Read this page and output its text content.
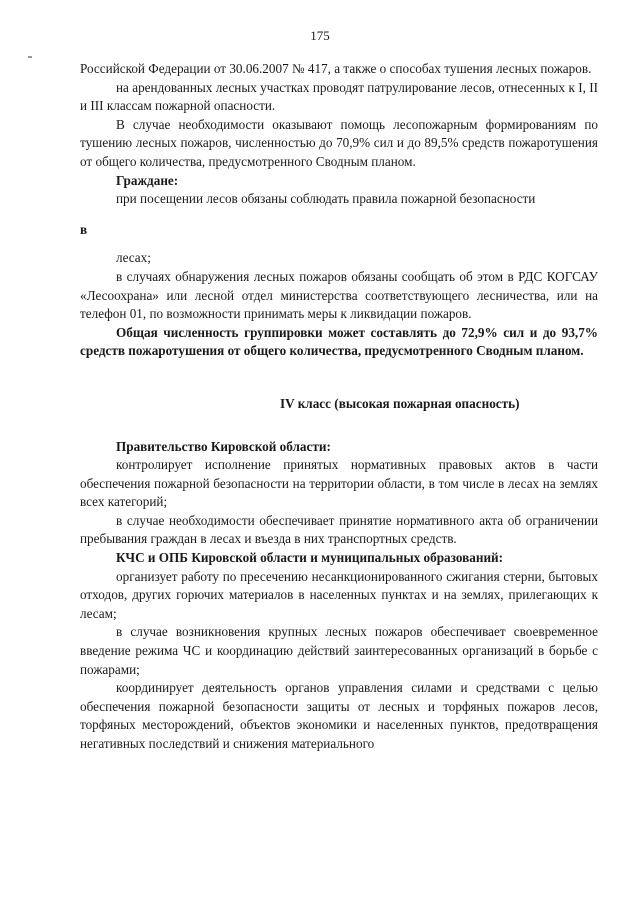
175

Российской Федерации от 30.06.2007 № 417, а также о способах тушения лесных пожаров.

на арендованных лесных участках проводят патрулирование лесов, отнесенных к I, II и III классам пожарной опасности.

В случае необходимости оказывают помощь лесопожарным формированиям по тушению лесных пожаров, численностью до 70,9% сил и до 89,5% средств пожаротушения от общего количества, предусмотренного Сводным планом.

Граждане:

при посещении лесов обязаны соблюдать правила пожарной безопасности

в

лесах;

в случаях обнаружения лесных пожаров обязаны сообщать об этом в РДС КОГСАУ «Лесоохрана» или лесной отдел министерства соответствующего лесничества, или на телефон 01, по возможности принимать меры к ликвидации пожаров.

Общая численность группировки может составлять до 72,9% сил и до 93,7% средств пожаротушения от общего количества, предусмотренного Сводным планом.

IV класс (высокая пожарная опасность)

Правительство Кировской области:

контролирует исполнение принятых нормативных правовых актов в части обеспечения пожарной безопасности на территории области, в том числе в лесах на землях всех категорий;

в случае необходимости обеспечивает принятие нормативного акта об ограничении пребывания граждан в лесах и въезда в них транспортных средств.

КЧС и ОПБ Кировской области и муниципальных образований:

организует работу по пресечению несанкционированного сжигания стерни, бытовых отходов, других горючих материалов в населенных пунктах и на землях, прилегающих к лесам;

в случае возникновения крупных лесных пожаров обеспечивает своевременное введение режима ЧС и координацию действий заинтересованных организаций в борьбе с пожарами;

координирует деятельность органов управления силами и средствами с целью обеспечения пожарной безопасности защиты от лесных и торфяных пожаров лесов, торфяных месторождений, объектов экономики и населенных пунктов, предотвращения негативных последствий и снижения материального
